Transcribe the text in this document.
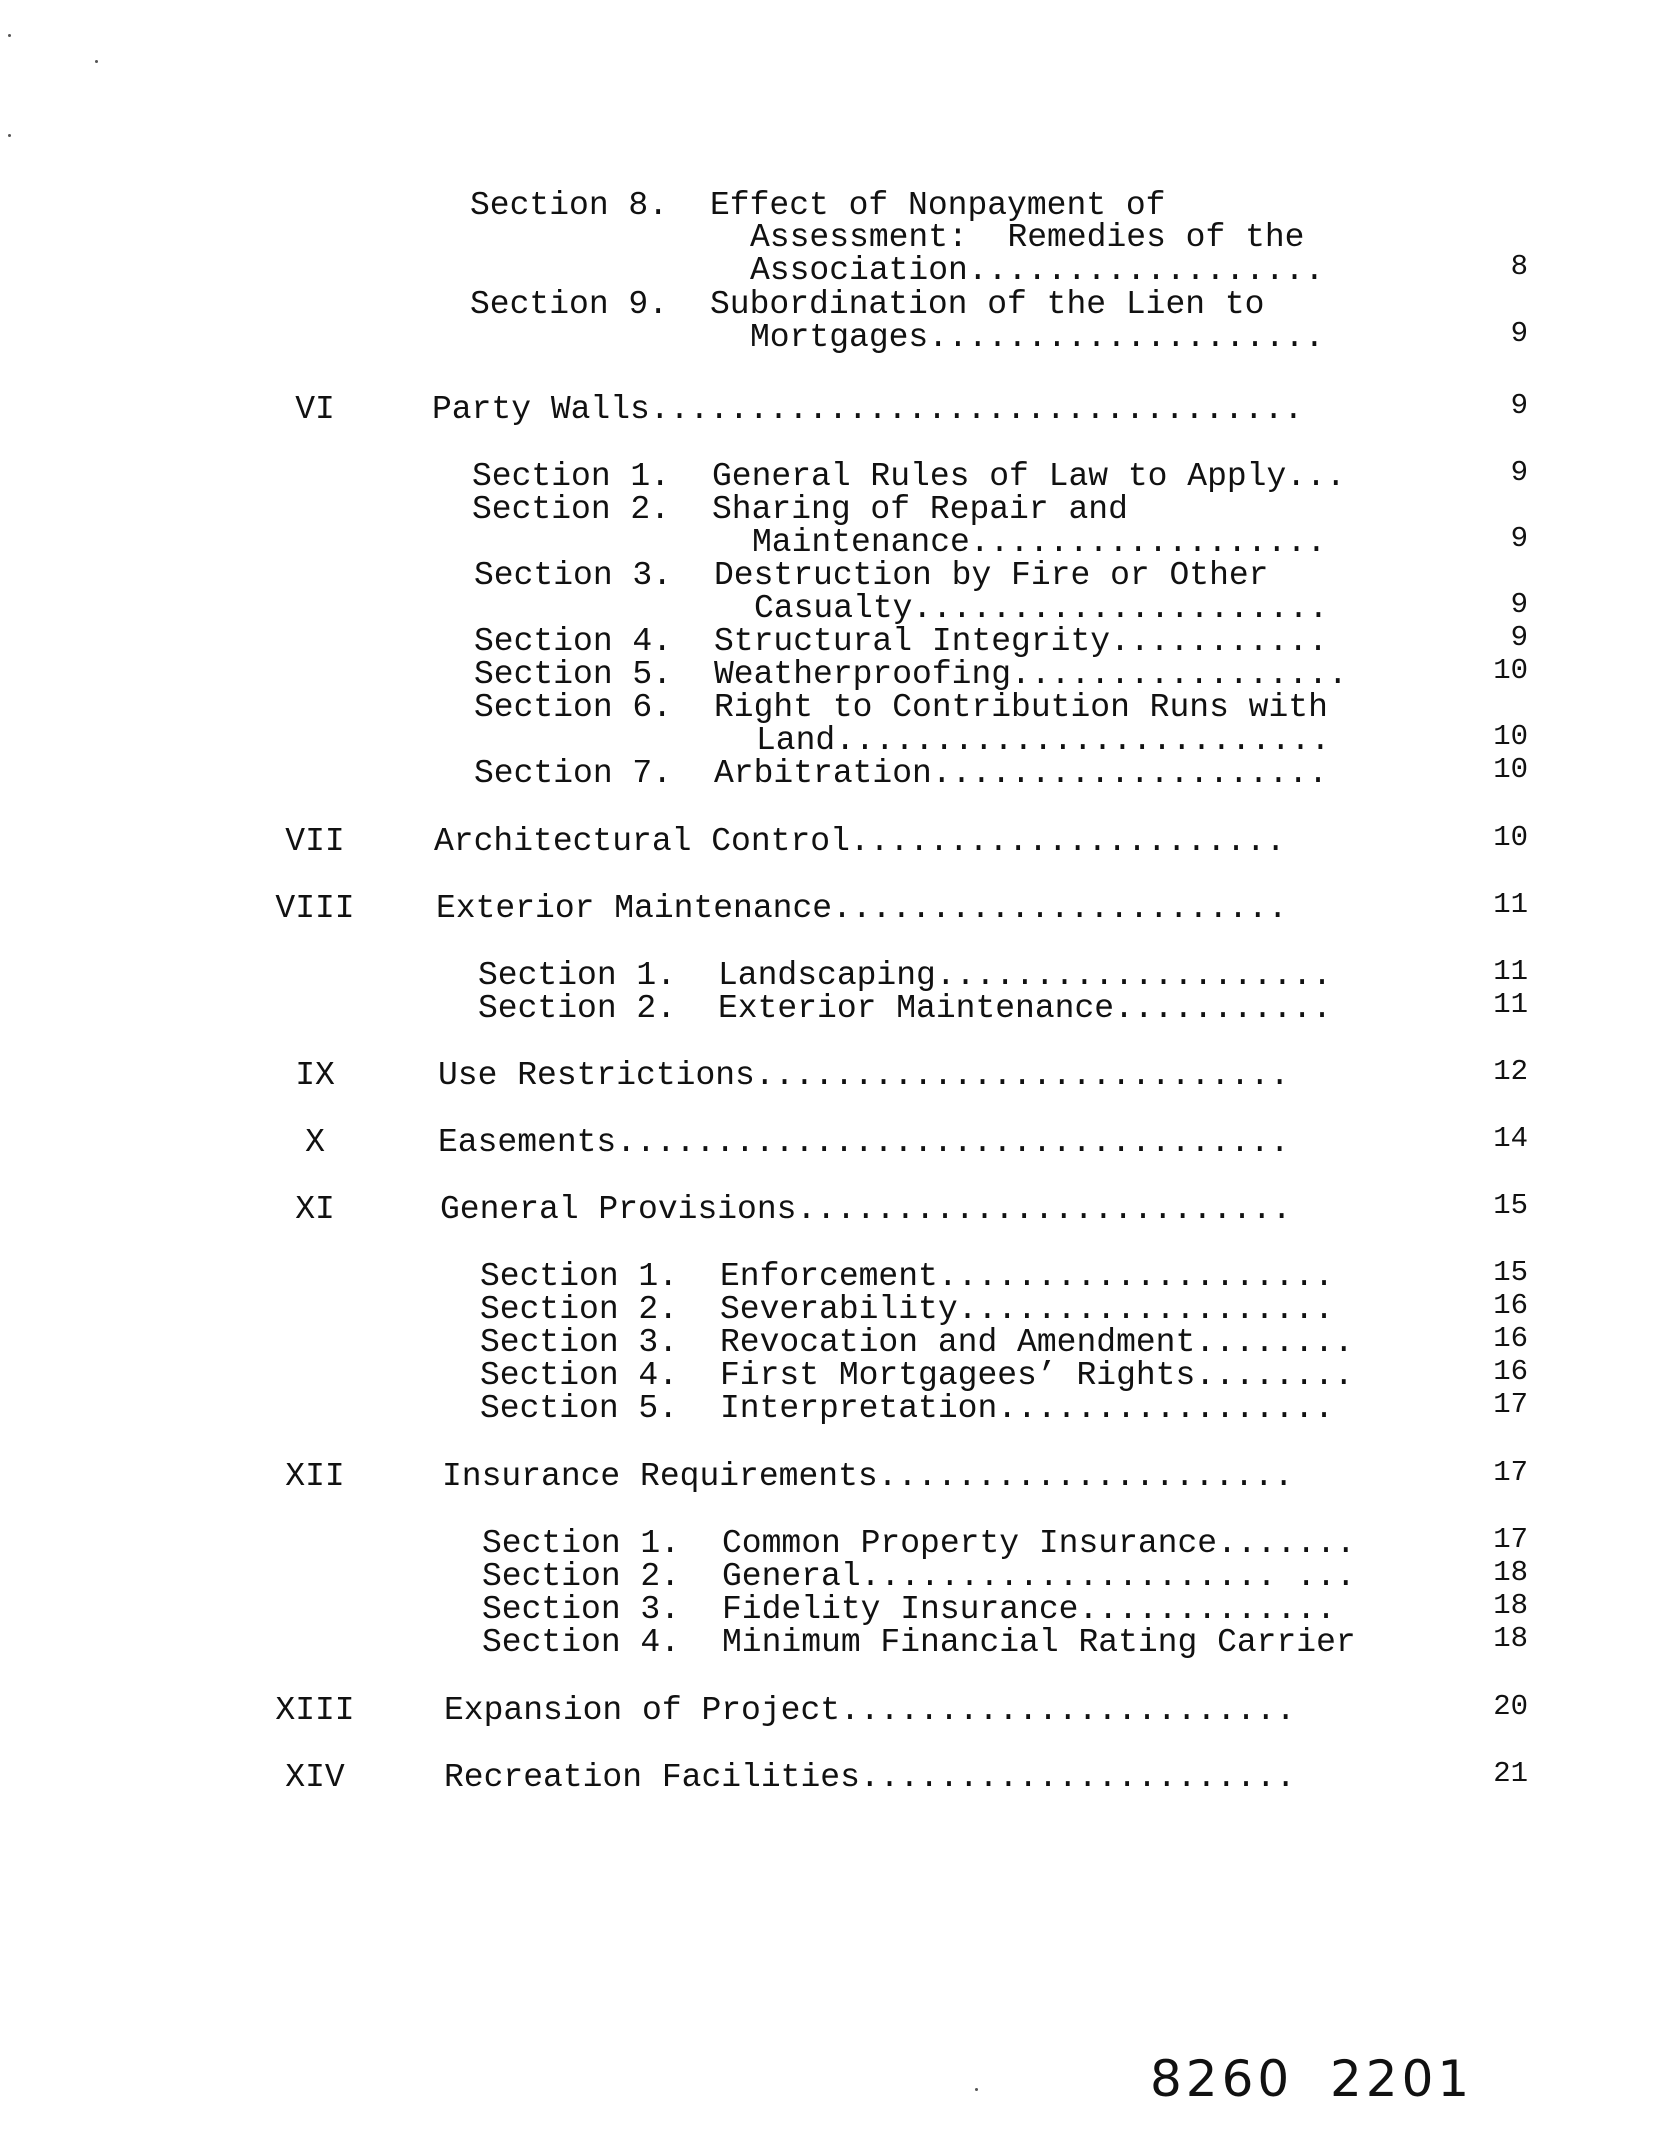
Section 8. Effect of Nonpayment of
Assessment:  Remedies of the
Association..................	8
Section 9. Subordination of the Lien to
Mortgages....................	9
VI	Party Walls.................................	9
Section 1. General Rules of Law to Apply...	9
Section 2. Sharing of Repair and
Maintenance..................	9
Section 3. Destruction by Fire or Other
Casualty.....................	9
Section 4. Structural Integrity...........	9
Section 5. Weatherproofing.................	10
Section 6. Right to Contribution Runs with
Land.........................	10
Section 7. Arbitration....................	10
VII	Architectural Control......................	10
VIII	Exterior Maintenance.......................	11
Section 1. Landscaping....................	11
Section 2. Exterior Maintenance...........	11
IX	Use Restrictions...........................	12
X	Easements..................................	14
XI	General Provisions.........................	15
Section 1. Enforcement....................	15
Section 2. Severability...................	16
Section 3. Revocation and Amendment........	16
Section 4. First Mortgagees’ Rights........	16
Section 5. Interpretation.................	17
XII	Insurance Requirements.....................	17
Section 1. Common Property Insurance.......	17
Section 2. General..................... ...	18
Section 3. Fidelity Insurance.............	18
Section 4. Minimum Financial Rating Carrier	18
XIII	Expansion of Project.......................	20
XIV	Recreation Facilities......................	21
8260 2201
